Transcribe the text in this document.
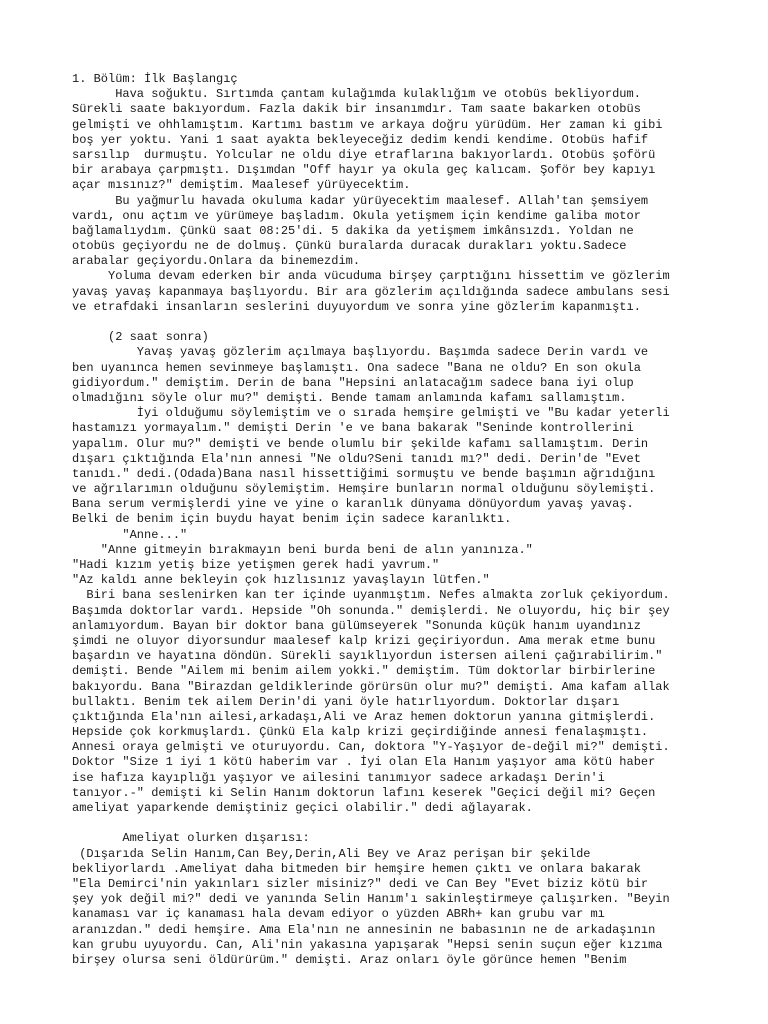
1. Bölüm: İlk Başlangıç
Hava soğuktu. Sırtımda çantam kulağımda kulaklığım ve otobüs bekliyordum.
Sürekli saate bakıyordum. Fazla dakik bir insanımdır. Tam saate bakarken otobüs
gelmişti ve ohhlamıştım. Kartımı bastım ve arkaya doğru yürüdüm. Her zaman ki gibi
boş yer yoktu. Yani 1 saat ayakta bekleyeceğiz dedim kendi kendime. Otobüs hafif
sarsılıp  durmuştu. Yolcular ne oldu diye etraflarına bakıyorlardı. Otobüs şoförü
bir arabaya çarpmıştı. Dışımdan "Off hayır ya okula geç kalıcam. Şoför bey kapıyı
açar mısınız?" demiştim. Maalesef yürüyecektim.
Bu yağmurlu havada okuluma kadar yürüyecektim maalesef. Allah'tan şemsiyem
vardı, onu açtım ve yürümeye başladım. Okula yetişmem için kendime galiba motor
bağlamalıydım. Çünkü saat 08:25'di. 5 dakika da yetişmem imkânsızdı. Yoldan ne
otobüs geçiyordu ne de dolmuş. Çünkü buralarda duracak durakları yoktu.Sadece
arabalar geçiyordu.Onlara da binemezdim.
Yoluma devam ederken bir anda vücuduma birşey çarptığını hissettim ve gözlerim
yavaş yavaş kapanmaya başlıyordu. Bir ara gözlerim açıldığında sadece ambulans sesi
ve etrafdaki insanların seslerini duyuyordum ve sonra yine gözlerim kapanmıştı.
(2 saat sonra)
Yavaş yavaş gözlerim açılmaya başlıyordu. Başımda sadece Derin vardı ve
ben uyanınca hemen sevinmeye başlamıştı. Ona sadece "Bana ne oldu? En son okula
gidiyordum." demiştim. Derin de bana "Hepsini anlatacağım sadece bana iyi olup
olmadığını söyle olur mu?" demişti. Bende tamam anlamında kafamı sallamıştım.
İyi olduğumu söylemiştim ve o sırada hemşire gelmişti ve "Bu kadar yeterli
hastamızı yormayalım." demişti Derin 'e ve bana bakarak "Seninde kontrollerini
yapalım. Olur mu?" demişti ve bende olumlu bir şekilde kafamı sallamıştım. Derin
dışarı çıktığında Ela'nın annesi "Ne oldu?Seni tanıdı mı?" dedi. Derin'de "Evet
tanıdı." dedi.(Odada)Bana nasıl hissettiğimi sormuştu ve bende başımın ağrıdığını
ve ağrılarımın olduğunu söylemiştim. Hemşire bunların normal olduğunu söylemişti.
Bana serum vermişlerdi yine ve yine o karanlık dünyama dönüyordum yavaş yavaş.
Belki de benim için buydu hayat benim için sadece karanlıktı.
"Anne..."
"Anne gitmeyin bırakmayın beni burda beni de alın yanınıza."
"Hadi kızım yetiş bize yetişmen gerek hadi yavrum."
"Az kaldı anne bekleyin çok hızlısınız yavaşlayın lütfen."
Biri bana seslenirken kan ter içinde uyanmıştım. Nefes almakta zorluk çekiyordum.
Başımda doktorlar vardı. Hepside "Oh sonunda." demişlerdi. Ne oluyordu, hiç bir şey
anlamıyordum. Bayan bir doktor bana gülümseyerek "Sonunda küçük hanım uyandınız
şimdi ne oluyor diyorsundur maalesef kalp krizi geçiriyordun. Ama merak etme bunu
başardın ve hayatına döndün. Sürekli sayıklıyordun istersen aileni çağırabilirim."
demişti. Bende "Ailem mi benim ailem yokki." demiştim. Tüm doktorlar birbirlerine
bakıyordu. Bana "Birazdan geldiklerinde görürsün olur mu?" demişti. Ama kafam allak
bullaktı. Benim tek ailem Derin'di yani öyle hatırlıyordum. Doktorlar dışarı
çıktığında Ela'nın ailesi,arkadaşı,Ali ve Araz hemen doktorun yanına gitmişlerdi.
Hepside çok korkmuşlardı. Çünkü Ela kalp krizi geçirdiğinde annesi fenalaşmıştı.
Annesi oraya gelmişti ve oturuyordu. Can, doktora "Y-Yaşıyor de-değil mi?" demişti.
Doktor "Size 1 iyi 1 kötü haberim var . İyi olan Ela Hanım yaşıyor ama kötü haber
ise hafıza kayıplığı yaşıyor ve ailesini tanımıyor sadece arkadaşı Derin'i
tanıyor.-" demişti ki Selin Hanım doktorun lafını keserek "Geçici değil mi? Geçen
ameliyat yaparkende demiştiniz geçici olabilir." dedi ağlayarak.
Ameliyat olurken dışarısı:
(Dışarıda Selin Hanım,Can Bey,Derin,Ali Bey ve Araz perişan bir şekilde
bekliyorlardı .Ameliyat daha bitmeden bir hemşire hemen çıktı ve onlara bakarak
"Ela Demirci'nin yakınları sizler misiniz?" dedi ve Can Bey "Evet biziz kötü bir
şey yok değil mi?" dedi ve yanında Selin Hanım'ı sakinleştirmeye çalışırken. "Beyin
kanaması var iç kanaması hala devam ediyor o yüzden ABRh+ kan grubu var mı
aranızdan." dedi hemşire. Ama Ela'nın ne annesinin ne babasının ne de arkadaşının
kan grubu uyuyordu. Can, Ali'nin yakasına yapışarak "Hepsi senin suçun eğer kızıma
birşey olursa seni öldürürüm." demişti. Araz onları öyle görünce hemen "Benim
